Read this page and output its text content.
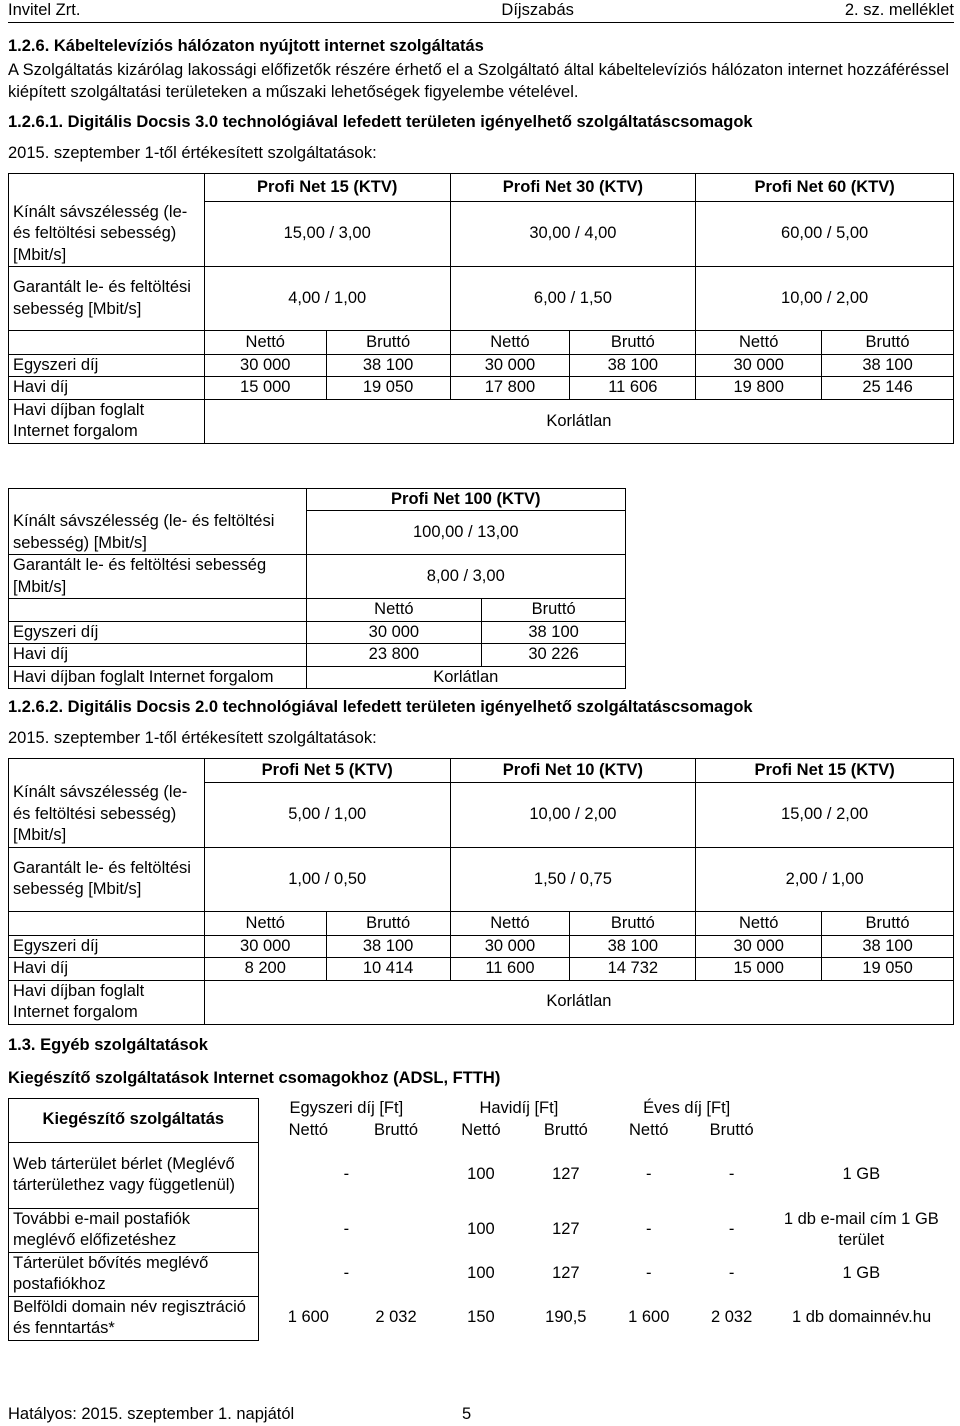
Invitel Zrt.	Díjszabás	2. sz. melléklet

1.2.6. Kábeltelevíziós hálózaton nyújtott internet szolgáltatás

A Szolgáltatás kizárólag lakossági előfizetők részére érhető el a Szolgáltató által kábeltelevíziós hálózaton internet hozzáféréssel kiépített szolgáltatási területeken a műszaki lehetőségek figyelembe vételével.

1.2.6.1. Digitális Docsis 3.0 technológiával lefedett területen igényelhető szolgáltatáscsomagok

2015. szeptember 1-től értékesített szolgáltatások:

	Profi Net 15 (KTV)		Profi Net 30 (KTV)		Profi Net 60 (KTV)	
Kínált sávszélesség (le- és feltöltési sebesség) [Mbit/s]	15,00 / 3,00		30,00 / 4,00		60,00 / 5,00	
Garantált le- és feltöltési sebesség [Mbit/s]	4,00 / 1,00		6,00 / 1,50		10,00 / 2,00	
	Nettó	Bruttó	Nettó	Bruttó	Nettó	Bruttó
Egyszeri díj	30 000	38 100	30 000	38 100	30 000	38 100
Havi díj	15 000	19 050	17 800	11 606	19 800	25 146
Havi díjban foglalt Internet forgalom	Korlátlan					
	Profi Net 100 (KTV)	
Kínált sávszélesség (le- és feltöltési sebesség) [Mbit/s]	100,00 / 13,00	
Garantált le- és feltöltési sebesség [Mbit/s]	8,00 / 3,00	
	Nettó	Bruttó
Egyszeri díj	30 000	38 100
Havi díj	23 800	30 226
Havi díjban foglalt Internet forgalom	Korlátlan	

1.2.6.2. Digitális Docsis 2.0 technológiával lefedett területen igényelhető szolgáltatáscsomagok

2015. szeptember 1-től értékesített szolgáltatások:

	Profi Net 5 (KTV)		Profi Net 10 (KTV)		Profi Net 15 (KTV)	
Kínált sávszélesség (le- és feltöltési sebesség) [Mbit/s]	5,00 / 1,00		10,00 / 2,00		15,00 / 2,00	
Garantált le- és feltöltési sebesség [Mbit/s]	1,00 / 0,50		1,50 / 0,75		2,00 / 1,00	
	Nettó	Bruttó	Nettó	Bruttó	Nettó	Bruttó
Egyszeri díj	30 000	38 100	30 000	38 100	30 000	38 100
Havi díj	8 200	10 414	11 600	14 732	15 000	19 050
Havi díjban foglalt Internet forgalom	Korlátlan					

1.3. Egyéb szolgáltatások

Kiegészítő szolgáltatások Internet csomagokhoz (ADSL, FTTH)

Kiegészítő szolgáltatás	Egyszeri díj [Ft]		Havidíj [Ft]		Éves díj [Ft]		
	Nettó	Bruttó	Nettó	Bruttó	Nettó	Bruttó	
Web tárterület bérlet (Meglévő tárterülethez vagy függetlenül)	-		100	127	-	-	1 GB
További e-mail postafiók meglévő előfizetéshez	-		100	127	-	-	1 db e-mail cím 1 GB terület
Tárterület bővítés meglévő postafiókhoz	-		100	127	-	-	1 GB
Belföldi domain név regisztráció és fenntartás*	1 600	2 032	150	190,5	1 600	2 032	1 db domainnév.hu
Hatályos: 2015. szeptember 1. napjától	5
